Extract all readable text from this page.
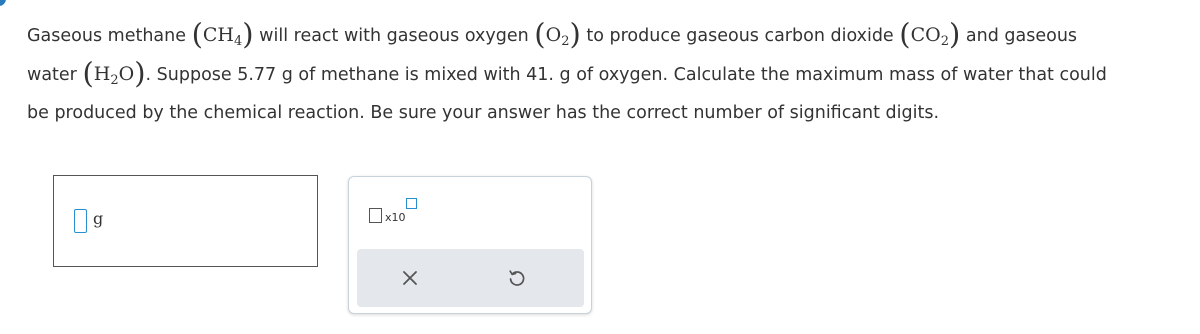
Gaseous methane $(CH_4)$ will react with gaseous oxygen $(O_2)$ to produce gaseous carbon dioxide $(CO_2)$ and gaseous
water $(H_2O)$. Suppose 5.77 g of methane is mixed with 41. g of oxygen. Calculate the maximum mass of water that could
be produced by the chemical reaction. Be sure your answer has the correct number of significant digits.
g	x10
